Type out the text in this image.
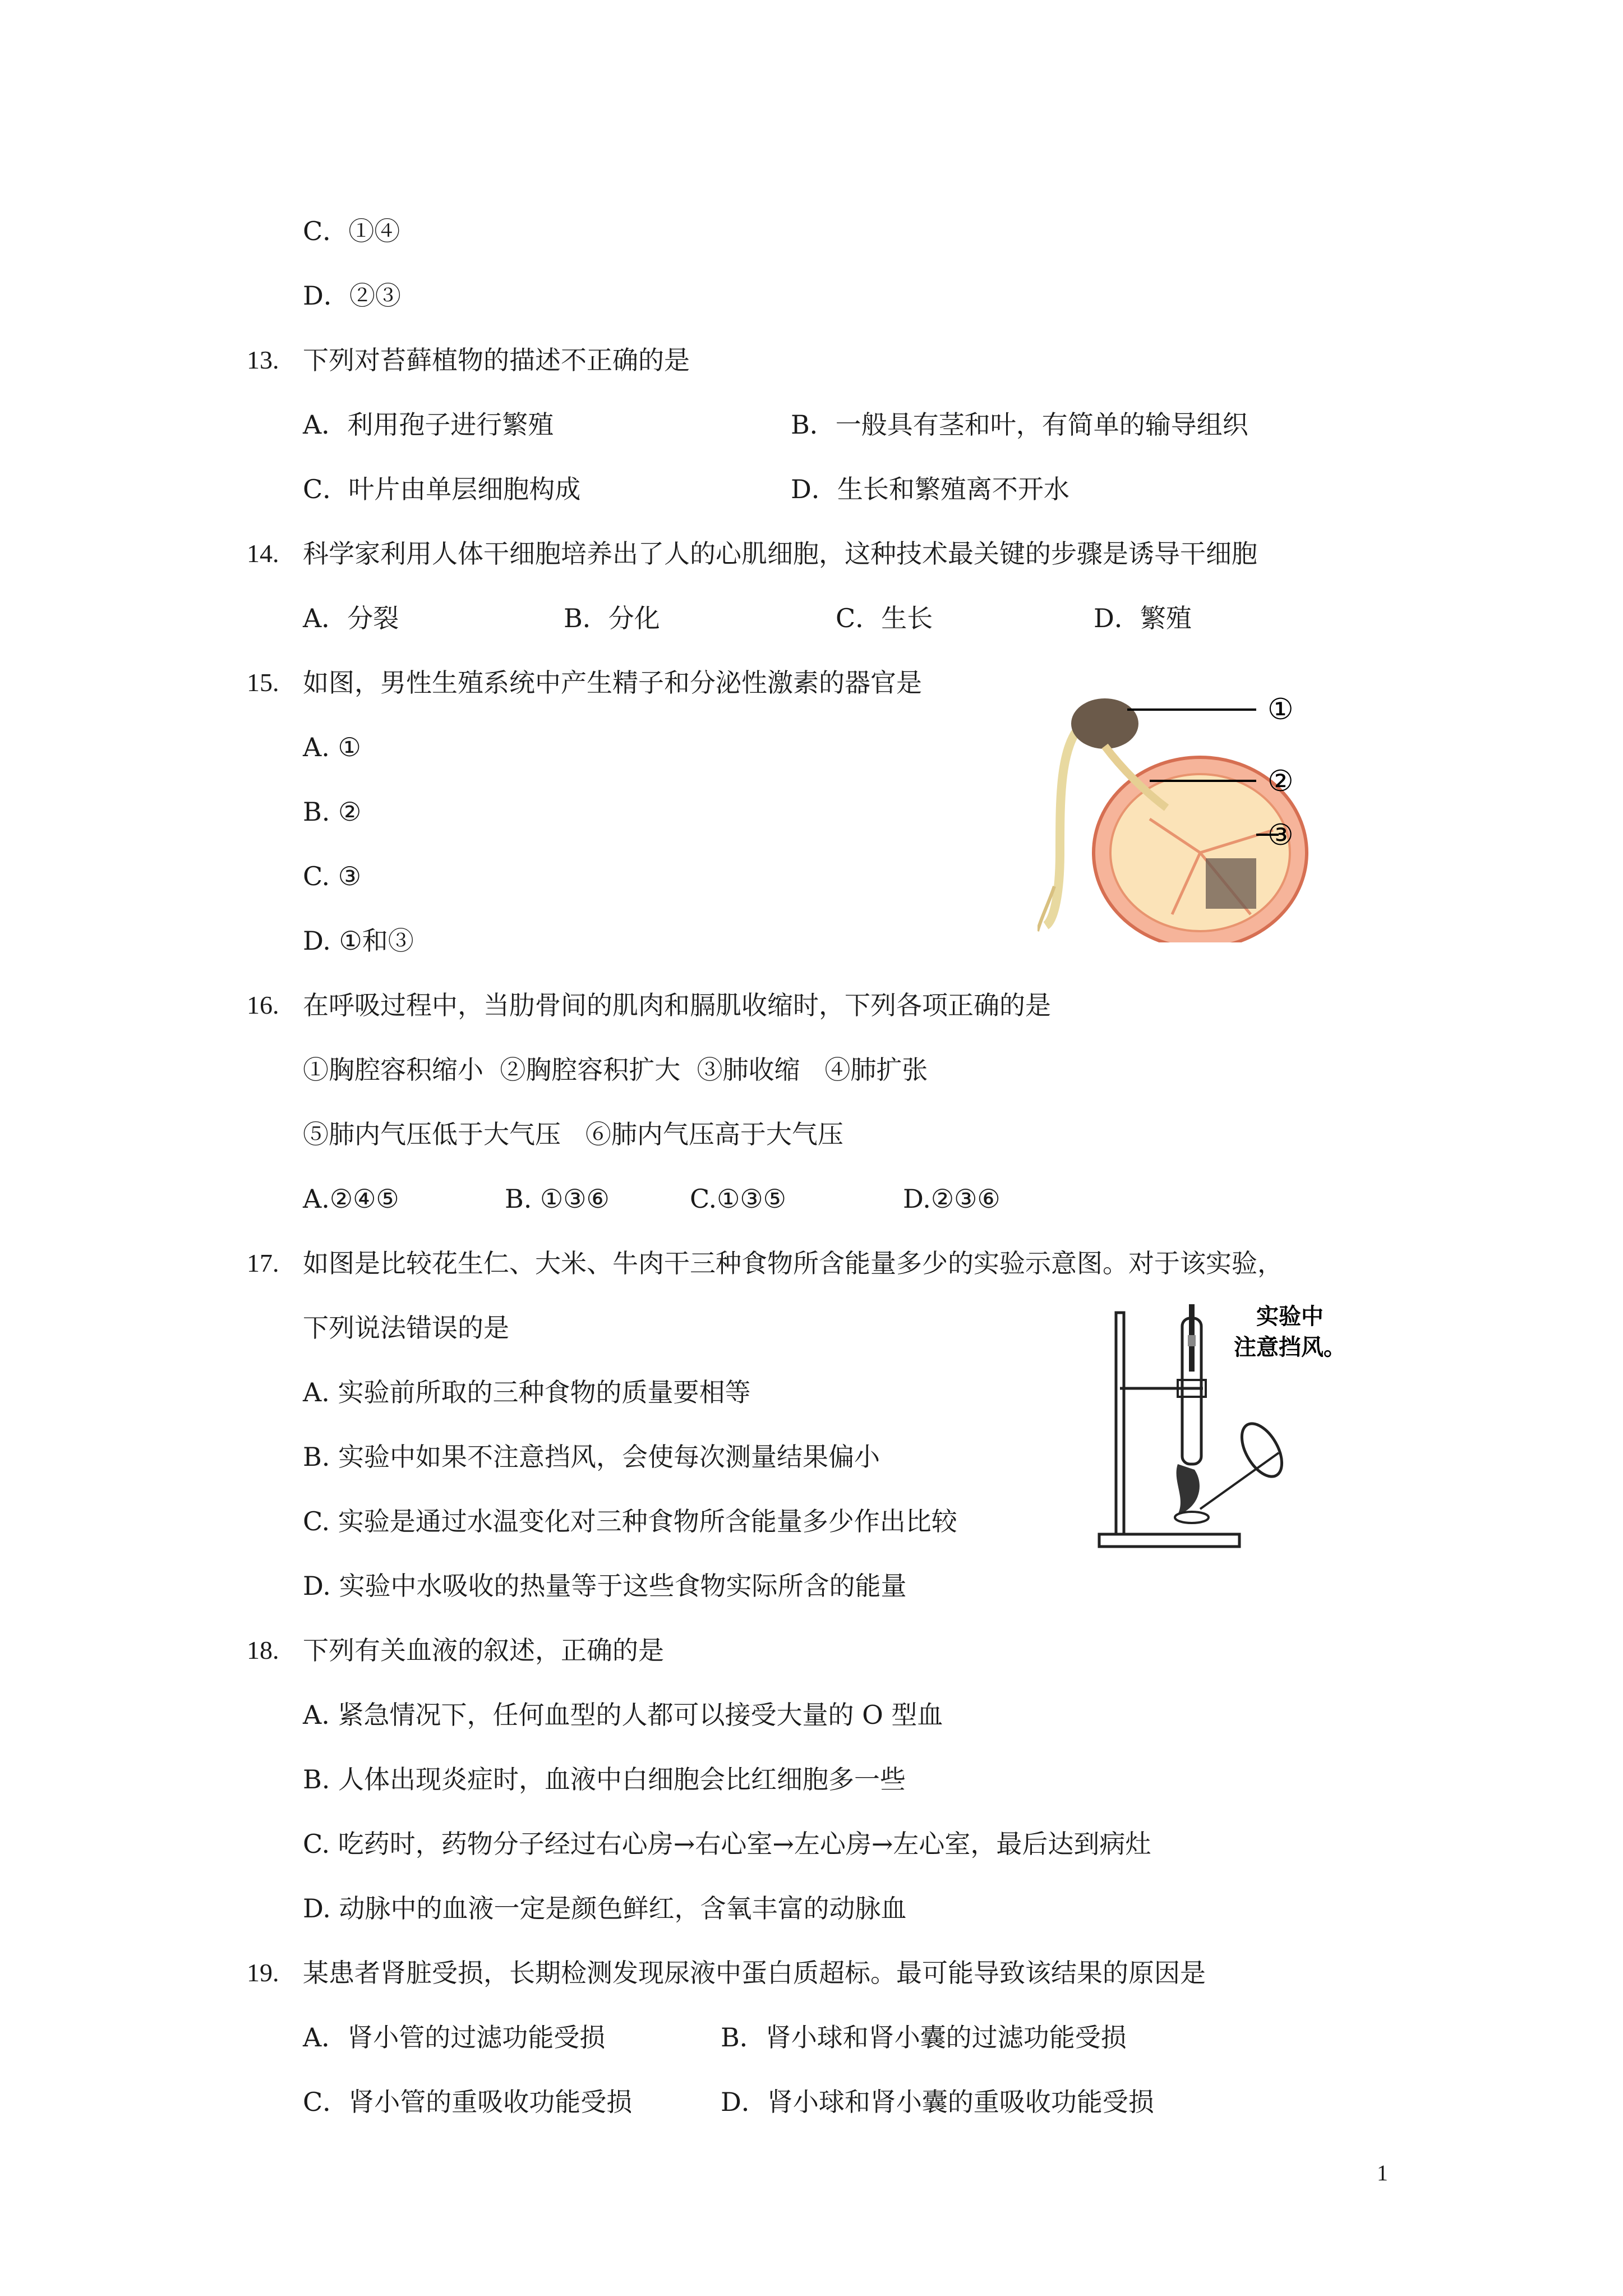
C．①④
D．②③
13. 下列对苔藓植物的描述不正确的是
A．利用孢子进行繁殖	B．一般具有茎和叶，有简单的输导组织
C．叶片由单层细胞构成	D．生长和繁殖离不开水
14. 科学家利用人体干细胞培养出了人的心肌细胞，这种技术最关键的步骤是诱导干细胞
A．分裂	B．分化	C．生长	D．繁殖
15. 如图，男性生殖系统中产生精子和分泌性激素的器官是
A. ①
B. ②
C. ③
D. ①和③
①
②
③
16. 在呼吸过程中，当肋骨间的肌肉和膈肌收缩时，下列各项正确的是
①胸腔容积缩小  ②胸腔容积扩大  ③肺收缩   ④肺扩张
⑤肺内气压低于大气压   ⑥肺内气压高于大气压
A.②④⑤	B. ①③⑥	C.①③⑤	D.②③⑥
17. 如图是比较花生仁、大米、牛肉干三种食物所含能量多少的实验示意图。对于该实验，
下列说法错误的是
A. 实验前所取的三种食物的质量要相等
B. 实验中如果不注意挡风，会使每次测量结果偏小
C. 实验是通过水温变化对三种食物所含能量多少作出比较
D. 实验中水吸收的热量等于这些食物实际所含的能量
实验中
注意挡风。
18. 下列有关血液的叙述，正确的是
A. 紧急情况下，任何血型的人都可以接受大量的 O 型血
B. 人体出现炎症时，血液中白细胞会比红细胞多一些
C. 吃药时，药物分子经过右心房→右心室→左心房→左心室，最后达到病灶
D. 动脉中的血液一定是颜色鲜红，含氧丰富的动脉血
19. 某患者肾脏受损，长期检测发现尿液中蛋白质超标。最可能导致该结果的原因是
A．肾小管的过滤功能受损	B．肾小球和肾小囊的过滤功能受损
C．肾小管的重吸收功能受损	D．肾小球和肾小囊的重吸收功能受损
1
